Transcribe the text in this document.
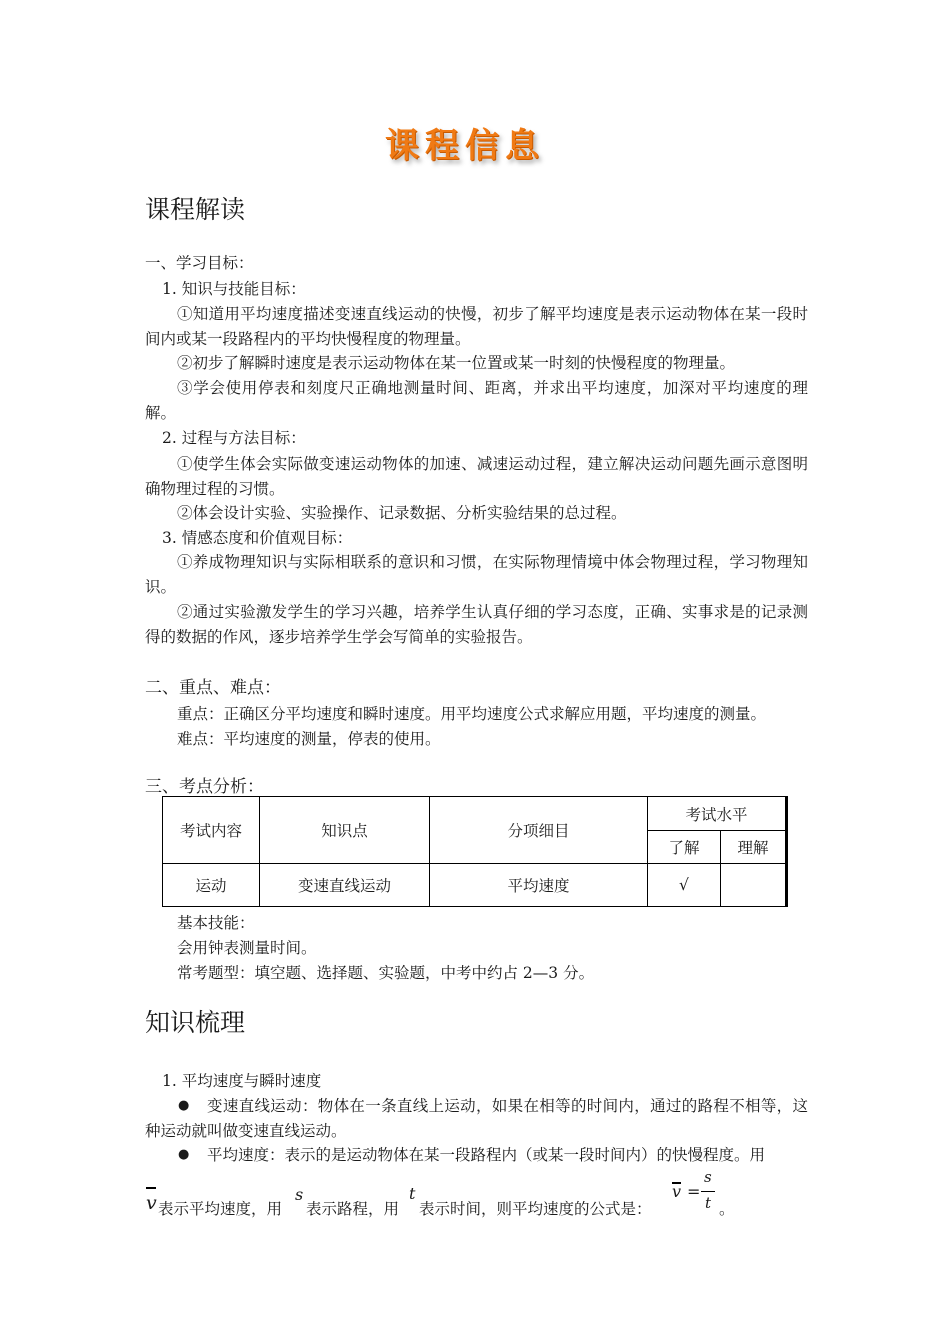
课程信息
课程解读
一、学习目标：
1. 知识与技能目标：
①知道用平均速度描述变速直线运动的快慢，初步了解平均速度是表示运动物体在某一段时间内或某一段路程内的平均快慢程度的物理量。
②初步了解瞬时速度是表示运动物体在某一位置或某一时刻的快慢程度的物理量。
③学会使用停表和刻度尺正确地测量时间、距离，并求出平均速度，加深对平均速度的理解。
2. 过程与方法目标：
①使学生体会实际做变速运动物体的加速、减速运动过程，建立解决运动问题先画示意图明确物理过程的习惯。
②体会设计实验、实验操作、记录数据、分析实验结果的总过程。
3. 情感态度和价值观目标：
①养成物理知识与实际相联系的意识和习惯，在实际物理情境中体会物理过程，学习物理知识。
②通过实验激发学生的学习兴趣，培养学生认真仔细的学习态度，正确、实事求是的记录测得的数据的作风，逐步培养学生学会写简单的实验报告。
二、重点、难点：
重点：正确区分平均速度和瞬时速度。用平均速度公式求解应用题，平均速度的测量。
难点：平均速度的测量，停表的使用。
三、考点分析：
考试内容	知识点	分项细目	考试水平	
			了解	理解
运动	变速直线运动	平均速度	√	
基本技能：
会用钟表测量时间。
常考题型：填空题、选择题、实验题，中考中约占 2—3 分。
知识梳理
1. 平均速度与瞬时速度
●	变速直线运动：物体在一条直线上运动，如果在相等的时间内，通过的路程不相等，这种运动就叫做变速直线运动。
● 平均速度：表示的是运动物体在某一段路程内（或某一段时间内）的快慢程度。用
v 表示平均速度，用
s
表示路程，用
t
表示时间，则平均速度的公式是：
v =
s
t 。
